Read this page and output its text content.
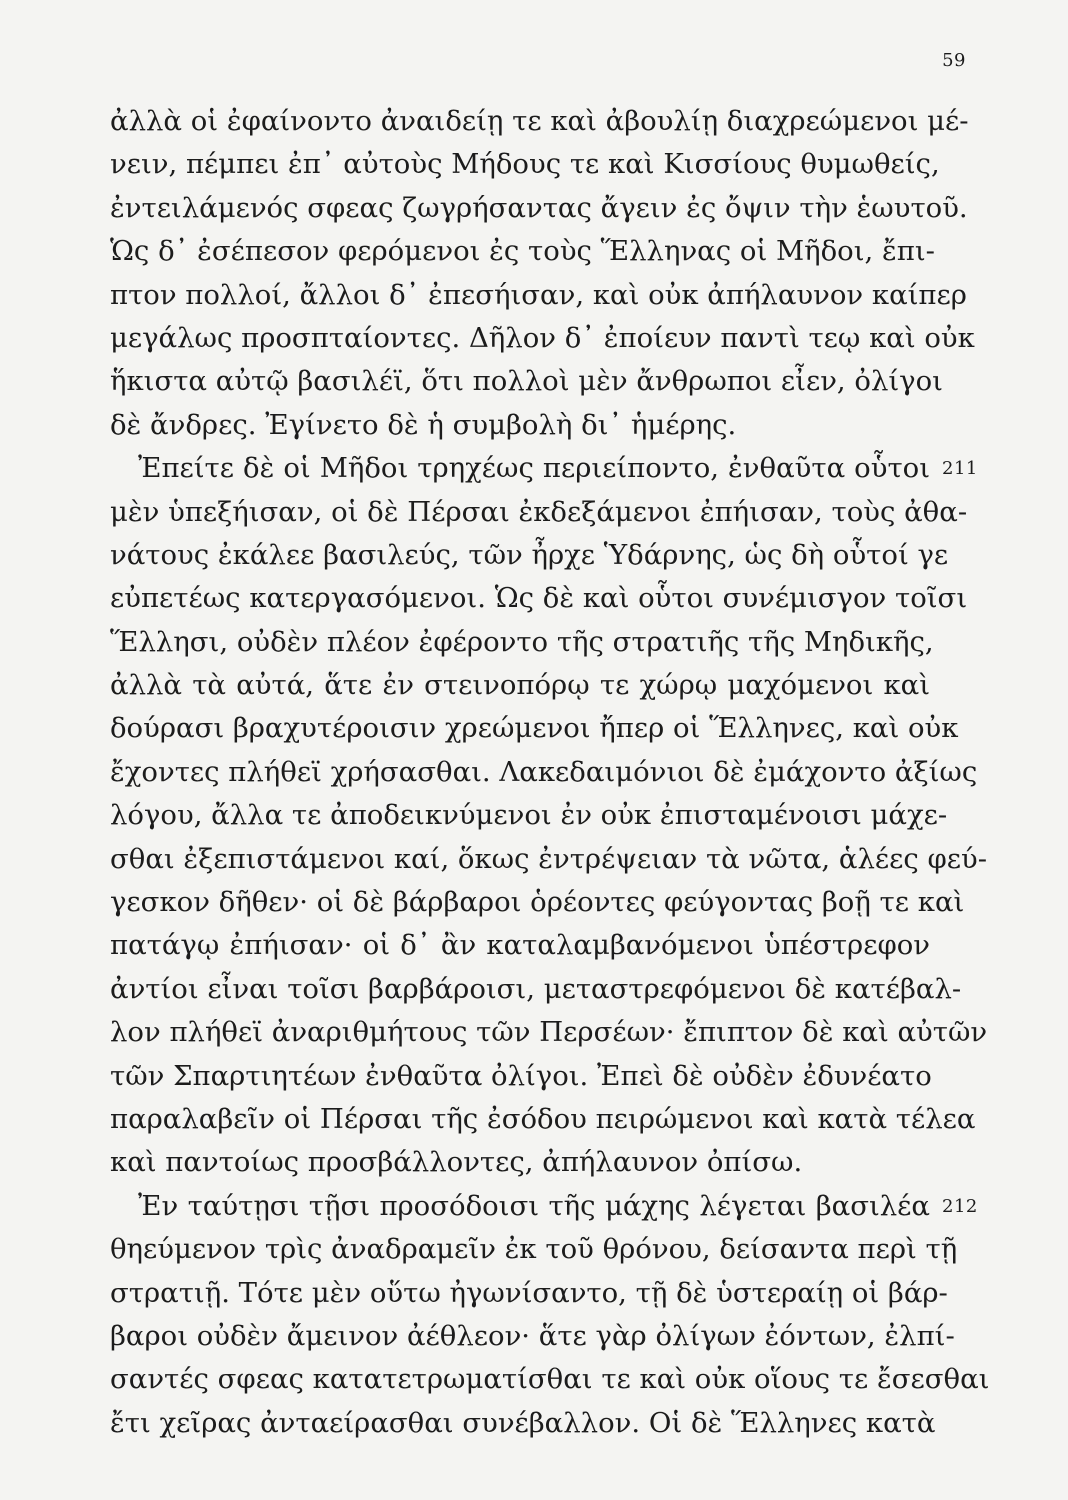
59
ἀλλὰ οἱ ἐφαίνοντο ἀναιδείῃ τε καὶ ἀβουλίῃ διαχρεώμενοι μέ-
νειν, πέμπει ἐπ᾽ αὐτοὺς Μήδους τε καὶ Κισσίους θυμωθείς,
ἐντειλάμενός σφεας ζωγρήσαντας ἄγειν ἐς ὄψιν τὴν ἑωυτοῦ.
Ὡς δ᾽ ἐσέπεσον φερόμενοι ἐς τοὺς Ἕλληνας οἱ Μῆδοι, ἔπι-
πτον πολλοί, ἄλλοι δ᾽ ἐπεσήισαν, καὶ οὐκ ἀπήλαυνον καίπερ
μεγάλως προσπταίοντες. Δῆλον δ᾽ ἐποίευν παντὶ τεῳ καὶ οὐκ
ἥκιστα αὐτῷ βασιλέϊ, ὅτι πολλοὶ μὲν ἄνθρωποι εἶεν, ὀλίγοι
δὲ ἄνδρες. Ἐγίνετο δὲ ἡ συμβολὴ δι᾽ ἡμέρης.
Ἐπείτε δὲ οἱ Μῆδοι τρηχέως περιείποντο, ἐνθαῦτα οὗτοι 211
μὲν ὑπεξήισαν, οἱ δὲ Πέρσαι ἐκδεξάμενοι ἐπήισαν, τοὺς ἀθα-
νάτους ἐκάλεε βασιλεύς, τῶν ἦρχε Ὑδάρνης, ὡς δὴ οὗτοί γε
εὐπετέως κατεργασόμενοι. Ὡς δὲ καὶ οὗτοι συνέμισγον τοῖσι
Ἕλλησι, οὐδὲν πλέον ἐφέροντο τῆς στρατιῆς τῆς Μηδικῆς,
ἀλλὰ τὰ αὐτά, ἅτε ἐν στεινοπόρῳ τε χώρῳ μαχόμενοι καὶ
δούρασι βραχυτέροισιν χρεώμενοι ἤπερ οἱ Ἕλληνες, καὶ οὐκ
ἔχοντες πλήθεϊ χρήσασθαι. Λακεδαιμόνιοι δὲ ἐμάχοντο ἀξίως
λόγου, ἄλλα τε ἀποδεικνύμενοι ἐν οὐκ ἐπισταμένοισι μάχε-
σθαι ἐξεπιστάμενοι καί, ὅκως ἐντρέψειαν τὰ νῶτα, ἁλέες φεύ-
γεσκον δῆθεν· οἱ δὲ βάρβαροι ὁρέοντες φεύγοντας βοῇ τε καὶ
πατάγῳ ἐπήισαν· οἱ δ᾽ ἂν καταλαμβανόμενοι ὑπέστρεφον
ἀντίοι εἶναι τοῖσι βαρβάροισι, μεταστρεφόμενοι δὲ κατέβαλ-
λον πλήθεϊ ἀναριθμήτους τῶν Περσέων· ἔπιπτον δὲ καὶ αὐτῶν
τῶν Σπαρτιητέων ἐνθαῦτα ὀλίγοι. Ἐπεὶ δὲ οὐδὲν ἐδυνέατο
παραλαβεῖν οἱ Πέρσαι τῆς ἐσόδου πειρώμενοι καὶ κατὰ τέλεα
καὶ παντοίως προσβάλλοντες, ἀπήλαυνον ὀπίσω.
Ἐν ταύτῃσι τῇσι προσόδοισι τῆς μάχης λέγεται βασιλέα 212
θηεύμενον τρὶς ἀναδραμεῖν ἐκ τοῦ θρόνου, δείσαντα περὶ τῇ
στρατιῇ. Τότε μὲν οὕτω ἠγωνίσαντο, τῇ δὲ ὑστεραίῃ οἱ βάρ-
βαροι οὐδὲν ἄμεινον ἀέθλεον· ἅτε γὰρ ὀλίγων ἐόντων, ἐλπί-
σαντές σφεας κατατετρωματίσθαι τε καὶ οὐκ οἵους τε ἔσεσθαι
ἔτι χεῖρας ἀνταείρασθαι συνέβαλλον. Οἱ δὲ Ἕλληνες κατὰ
